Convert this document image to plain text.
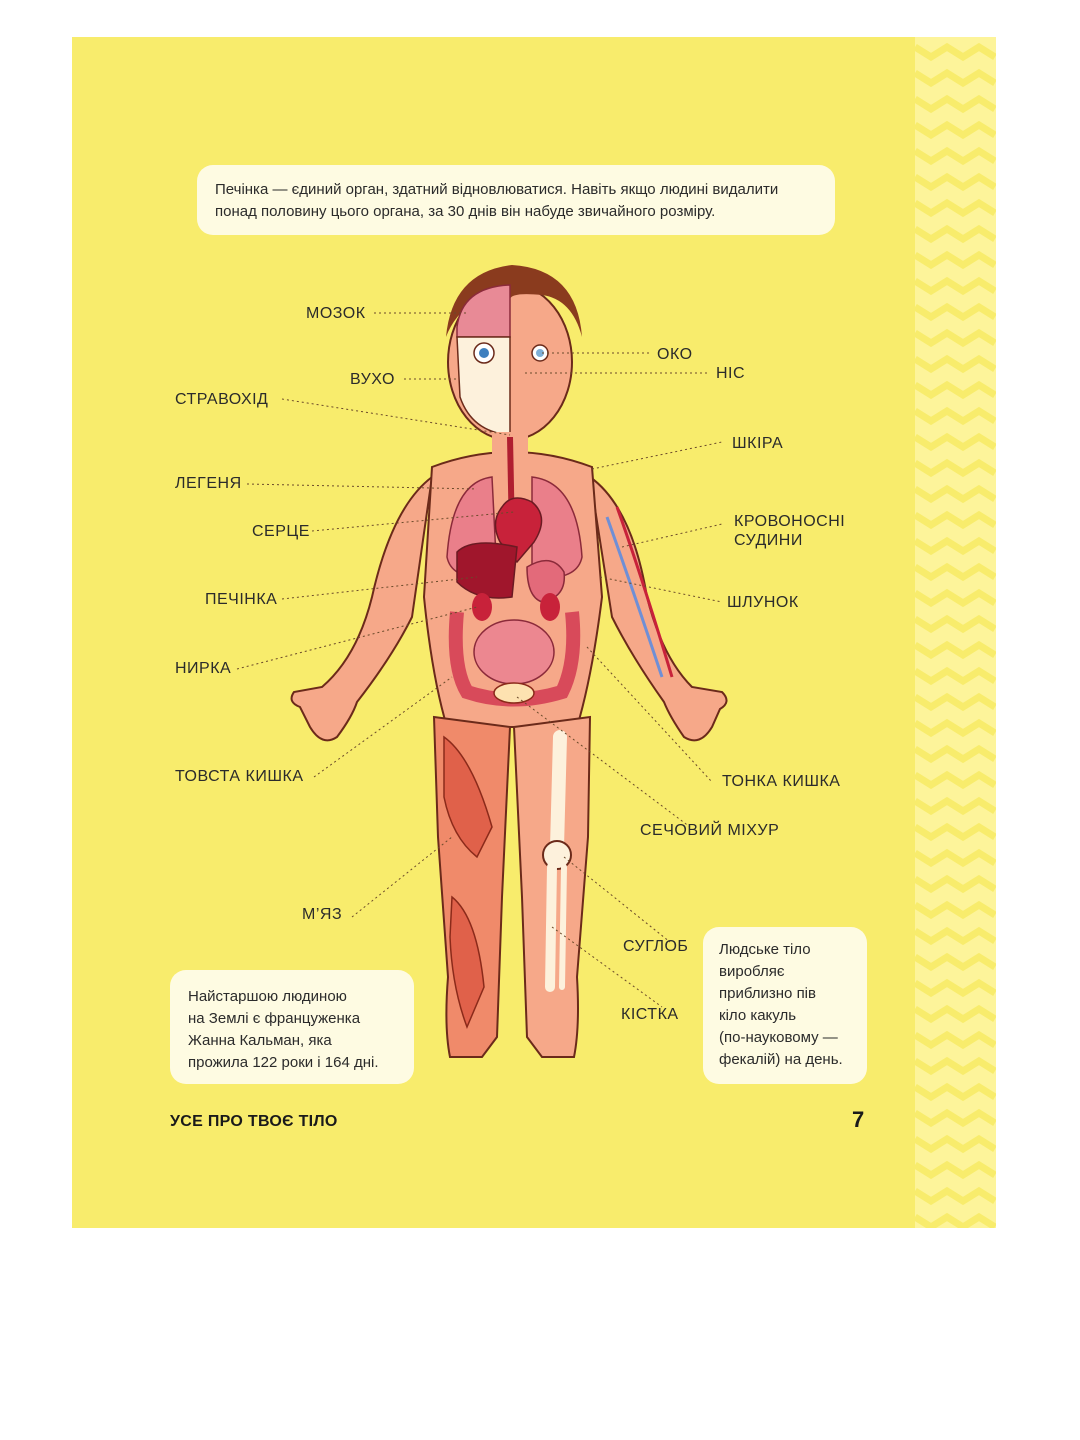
Печінка — єдиний орган, здатний відновлюватися. Навіть якщо людині видалити
понад половину цього органа, за 30 днів він набуде звичайного розміру.

МОЗОК
ВУХО
СТРАВОХІД
ЛЕГЕНЯ
СЕРЦЕ
ПЕЧІНКА
НИРКА
ТОВСТА КИШКА
М’ЯЗ
ОКО
НІС
ШКІРА
КРОВОНОСНІ
СУДИНИ
ШЛУНОК
ТОНКА КИШКА
СЕЧОВИЙ МІХУР
СУГЛОБ
КІСТКА

Найстаршою людиною
на Землі є француженка
Жанна Кальман, яка
прожила 122 роки і 164 дні.

Людське тіло
виробляє
приблизно пів
кіло какуль
(по-науковому —
фекалій) на день.

УСЕ ПРО ТВОЄ ТІЛО	7
